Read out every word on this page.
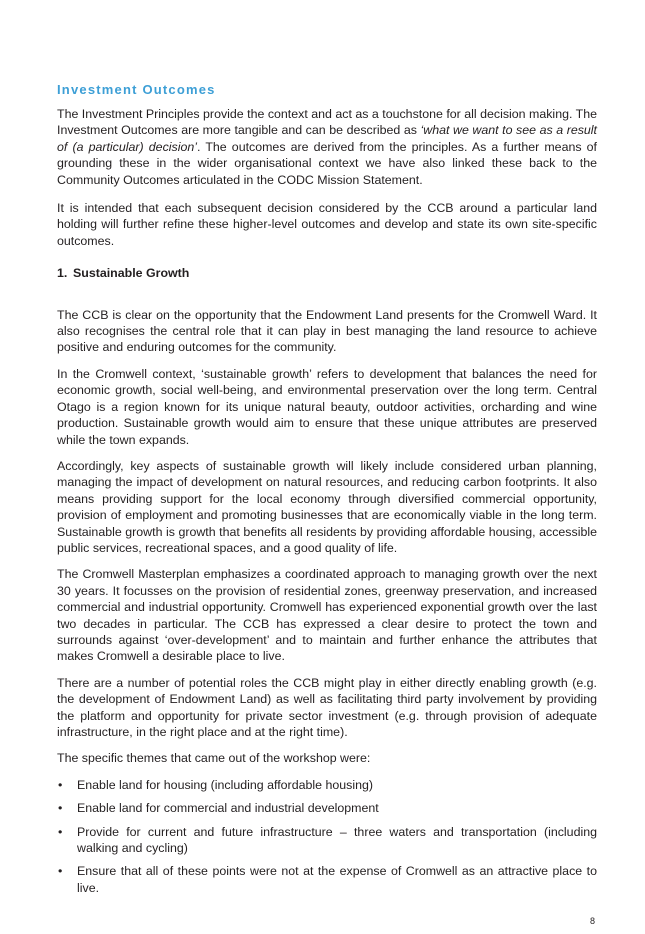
Investment Outcomes

The Investment Principles provide the context and act as a touchstone for all decision making. The Investment Outcomes are more tangible and can be described as ‘what we want to see as a result of (a particular) decision’. The outcomes are derived from the principles. As a further means of grounding these in the wider organisational context we have also linked these back to the Community Outcomes articulated in the CODC Mission Statement.

It is intended that each subsequent decision considered by the CCB around a particular land holding will further refine these higher-level outcomes and develop and state its own site-specific outcomes.

1. Sustainable Growth

The CCB is clear on the opportunity that the Endowment Land presents for the Cromwell Ward. It also recognises the central role that it can play in best managing the land resource to achieve positive and enduring outcomes for the community.

In the Cromwell context, ‘sustainable growth’ refers to development that balances the need for economic growth, social well-being, and environmental preservation over the long term. Central Otago is a region known for its unique natural beauty, outdoor activities, orcharding and wine production. Sustainable growth would aim to ensure that these unique attributes are preserved while the town expands.

Accordingly, key aspects of sustainable growth will likely include considered urban planning, managing the impact of development on natural resources, and reducing carbon footprints. It also means providing support for the local economy through diversified commercial opportunity, provision of employment and promoting businesses that are economically viable in the long term. Sustainable growth is growth that benefits all residents by providing affordable housing, accessible public services, recreational spaces, and a good quality of life.

The Cromwell Masterplan emphasizes a coordinated approach to managing growth over the next 30 years. It focusses on the provision of residential zones, greenway preservation, and increased commercial and industrial opportunity. Cromwell has experienced exponential growth over the last two decades in particular. The CCB has expressed a clear desire to protect the town and surrounds against ‘over-development’ and to maintain and further enhance the attributes that makes Cromwell a desirable place to live.

There are a number of potential roles the CCB might play in either directly enabling growth (e.g. the development of Endowment Land) as well as facilitating third party involvement by providing the platform and opportunity for private sector investment (e.g. through provision of adequate infrastructure, in the right place and at the right time).

The specific themes that came out of the workshop were:

• Enable land for housing (including affordable housing)
• Enable land for commercial and industrial development
• Provide for current and future infrastructure – three waters and transportation (including walking and cycling)
• Ensure that all of these points were not at the expense of Cromwell as an attractive place to live.
8
